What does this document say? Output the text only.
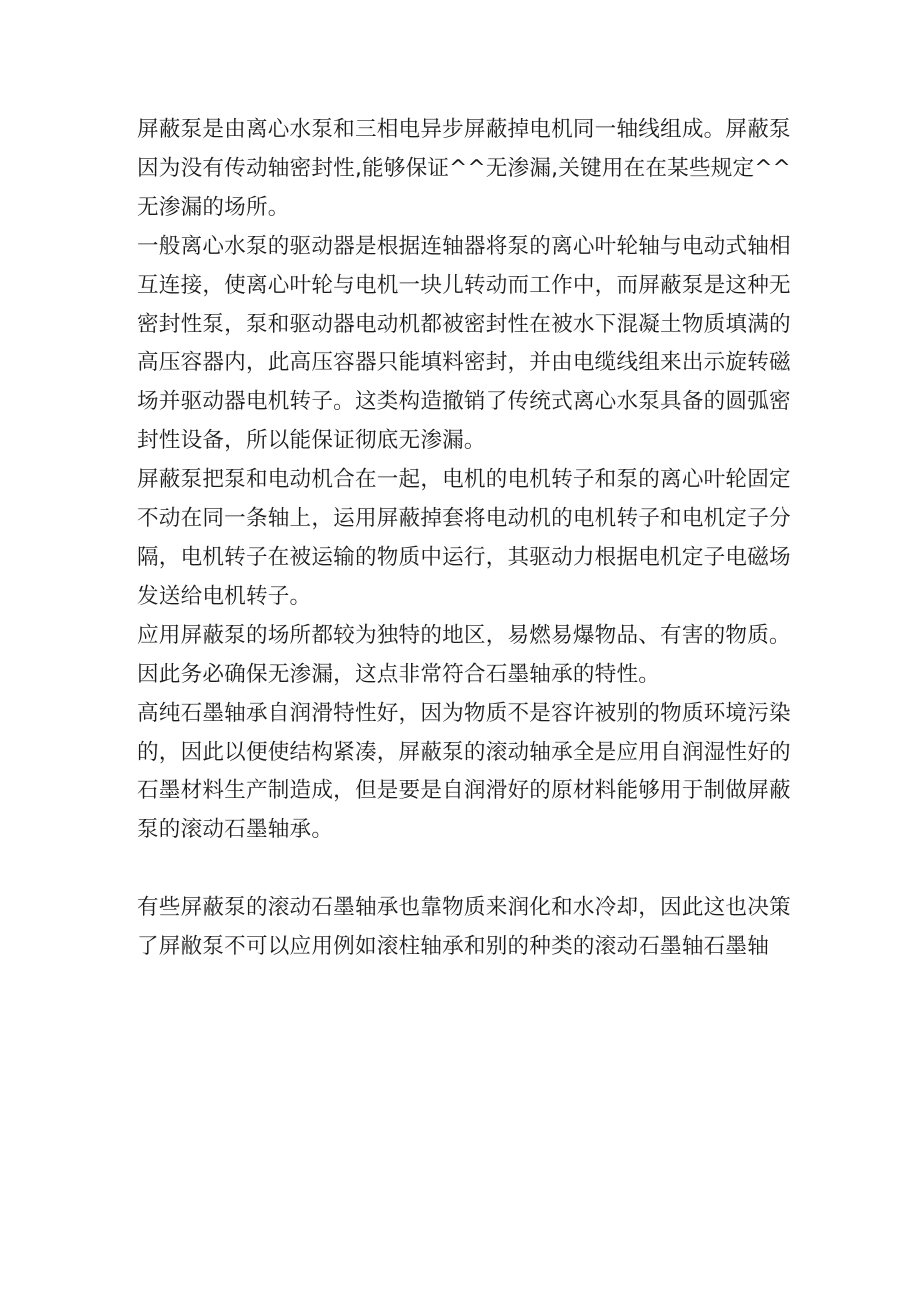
屏蔽泵是由离心水泵和三相电异步屏蔽掉电机同一轴线组成。屏蔽泵因为没有传动轴密封性,能够保证^^无渗漏,关键用在在某些规定^^无渗漏的场所。

一般离心水泵的驱动器是根据连轴器将泵的离心叶轮轴与电动式轴相互连接，使离心叶轮与电机一块儿转动而工作中，而屏蔽泵是这种无密封性泵，泵和驱动器电动机都被密封性在被水下混凝土物质填满的高压容器内，此高压容器只能填料密封，并由电缆线组来出示旋转磁场并驱动器电机转子。这类构造撤销了传统式离心水泵具备的圆弧密封性设备，所以能保证彻底无渗漏。

屏蔽泵把泵和电动机合在一起，电机的电机转子和泵的离心叶轮固定不动在同一条轴上，运用屏蔽掉套将电动机的电机转子和电机定子分隔，电机转子在被运输的物质中运行，其驱动力根据电机定子电磁场发送给电机转子。

应用屏蔽泵的场所都较为独特的地区，易燃易爆物品、有害的物质。因此务必确保无渗漏，这点非常符合石墨轴承的特性。

高纯石墨轴承自润滑特性好，因为物质不是容许被别的物质环境污染的，因此以便使结构紧凑，屏蔽泵的滚动轴承全是应用自润湿性好的石墨材料生产制造成，但是要是自润滑好的原材料能够用于制做屏蔽泵的滚动石墨轴承。

有些屏蔽泵的滚动石墨轴承也靠物质来润化和水冷却，因此这也决策了屏敝泵不可以应用例如滚柱轴承和别的种类的滚动石墨轴石墨轴
